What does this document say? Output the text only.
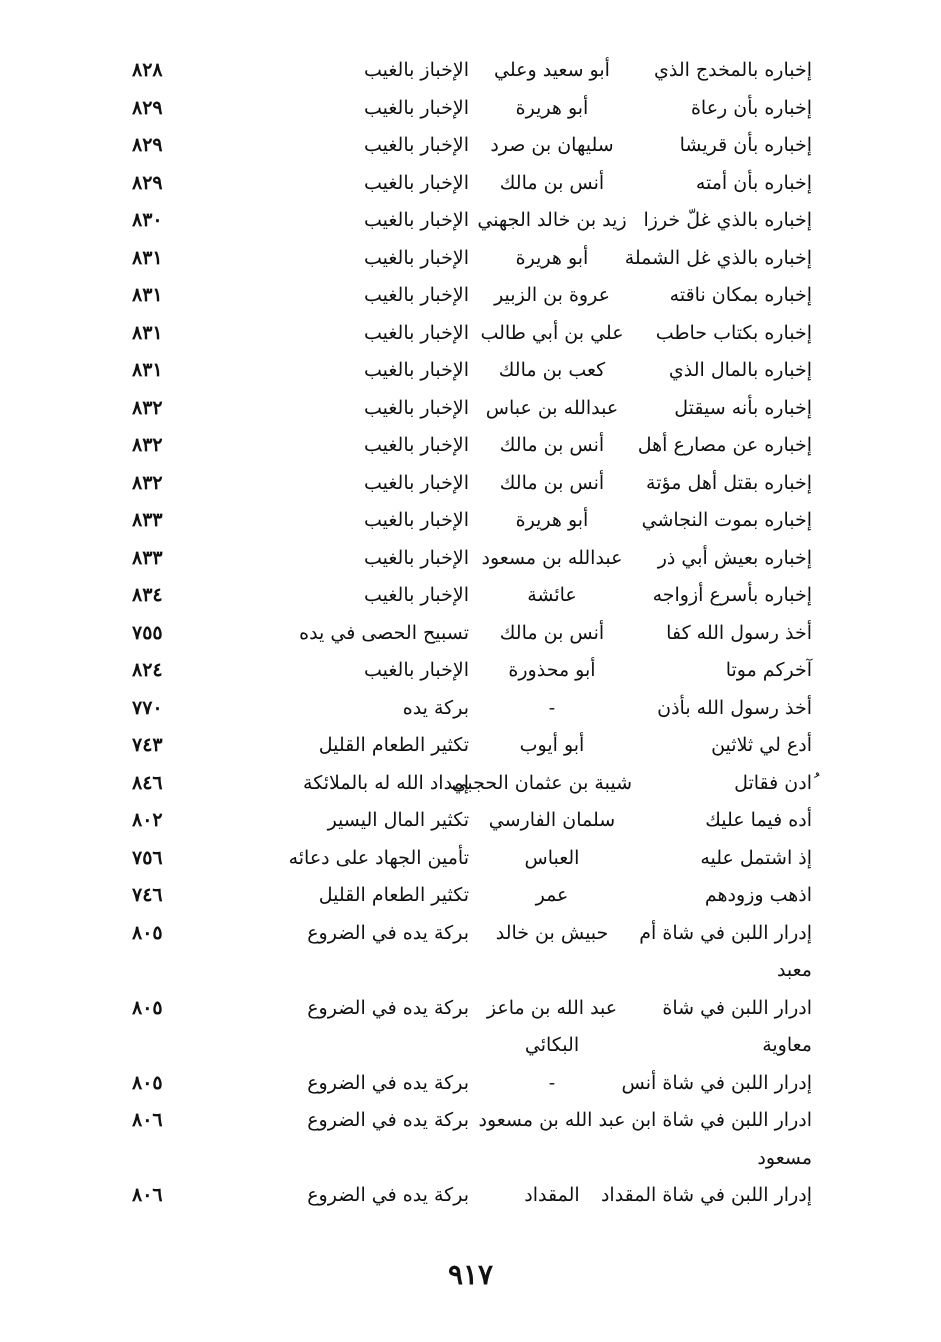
إخباره بالمخدج الذي
أبو سعيد وعلي
الإخباز بالغيب
٨٢٨
إخباره بأن رعاة
أبو هريرة
الإخبار بالغيب
٨٢٩
إخباره بأن قريشا
سليهان بن صرد
الإخبار بالغيب
٨٢٩
إخباره بأن أمته
أنس بن مالك
الإخبار بالغيب
٨٢٩
إخباره بالذي غلّ خرزا
زيد بن خالد الجهني
الإخبار بالغيب
٨٣٠
إخباره بالذي غل الشملة
أبو هريرة
الإخبار بالغيب
٨٣١
إخباره بمكان ناقته
عروة بن الزبير
الإخبار بالغيب
٨٣١
إخباره بكتاب حاطب
علي بن أبي طالب
الإخبار بالغيب
٨٣١
إخباره بالمال الذي
كعب بن مالك
الإخبار بالغيب
٨٣١
إخباره بأنه سيقتل
عبدالله بن عباس
الإخبار بالغيب
٨٣٢
إخباره عن مصارع أهل
أنس بن مالك
الإخبار بالغيب
٨٣٢
إخباره بقتل أهل مؤتة
أنس بن مالك
الإخبار بالغيب
٨٣٢
إخباره بموت النجاشي
أبو هريرة
الإخبار بالغيب
٨٣٣
إخباره بعيش أبي ذر
عبدالله بن مسعود
الإخبار بالغيب
٨٣٣
إخباره بأسرع أزواجه
عائشة
الإخبار بالغيب
٨٣٤
أخذ رسول الله كفا
أنس بن مالك
تسبيح الحصى في يده
٧٥٥
آخركم موتا
أبو محذورة
الإخبار بالغيب
٨٢٤
أخذ رسول الله بأذن
-
بركة يده
٧٧٠
أدع لي ثلاثين
أبو أيوب
تكثير الطعام القليل
٧٤٣
ُادن فقاتل
شيبة بن عثمان الحجبي
إمداد الله له بالملائكة
٨٤٦
أده فيما عليك
سلمان الفارسي
تكثير المال اليسير
٨٠٢
إذ اشتمل عليه
العباس
تأمين الجهاد على دعائه
٧٥٦
اذهب وزودهم
عمر
تكثير الطعام القليل
٧٤٦
إدرار اللبن في شاة أم
حبيش بن خالد
بركة يده في الضروع
٨٠٥
معبد
ادرار اللبن في شاة
عبد الله بن ماعز
بركة يده في الضروع
٨٠٥
معاوية
البكائي
إدرار اللبن في شاة أنس
-
بركة يده في الضروع
٨٠٥
ادرار اللبن في شاة ابن
عبد الله بن مسعود
بركة يده في الضروع
٨٠٦
مسعود
إدرار اللبن في شاة المقداد
المقداد
بركة يده في الضروع
٨٠٦
٩١٧
